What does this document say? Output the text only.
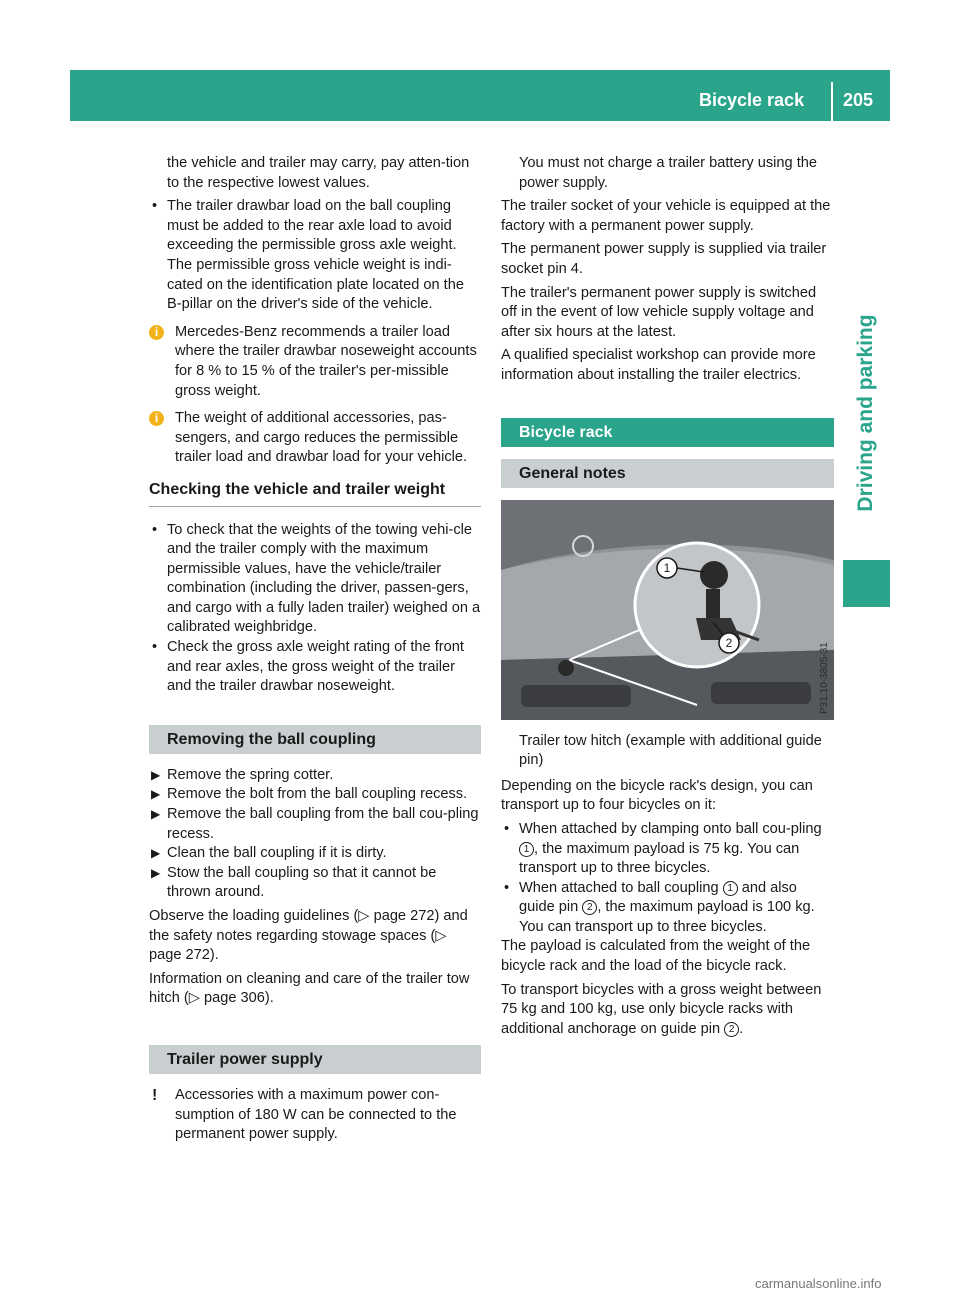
Bicycle rack 205
Driving and parking

the vehicle and trailer may carry, pay atten-tion to the respective lowest values.

• The trailer drawbar load on the ball coupling must be added to the rear axle load to avoid exceeding the permissible gross axle weight. The permissible gross vehicle weight is indi-cated on the identification plate located on the B-pillar on the driver's side of the vehicle.
i	Mercedes-Benz recommends a trailer load where the trailer drawbar noseweight accounts for 8 % to 15 % of the trailer's per-missible gross weight.
i	The weight of additional accessories, pas-sengers, and cargo reduces the permissible trailer load and drawbar load for your vehicle.
Checking the vehicle and trailer weight
• To check that the weights of the towing vehi-cle and the trailer comply with the maximum permissible values, have the vehicle/trailer combination (including the driver, passen-gers, and cargo with a fully laden trailer) weighed on a calibrated weighbridge.
• Check the gross axle weight rating of the front and rear axles, the gross weight of the trailer and the trailer drawbar noseweight.
Removing the ball coupling
▶ Remove the spring cotter.
▶ Remove the bolt from the ball coupling recess.
▶ Remove the ball coupling from the ball cou-pling recess.
▶ Clean the ball coupling if it is dirty.
▶ Stow the ball coupling so that it cannot be thrown around.

Observe the loading guidelines (▷ page 272) and the safety notes regarding stowage spaces (▷ page 272).

Information on cleaning and care of the trailer tow hitch (▷ page 306).

Trailer power supply
! Accessories with a maximum power con-sumption of 180 W can be connected to the permanent power supply.

You must not charge a trailer battery using the power supply.

The trailer socket of your vehicle is equipped at the factory with a permanent power supply.

The permanent power supply is supplied via trailer socket pin 4.

The trailer's permanent power supply is switched off in the event of low vehicle supply voltage and after six hours at the latest.

A qualified specialist workshop can provide more information about installing the trailer electrics.

Bicycle rack
General notes
1
2	P31.10-3805-31

Trailer tow hitch (example with additional guide pin)

Depending on the bicycle rack's design, you can transport up to four bicycles on it:

• When attached by clamping onto ball cou-pling 1 , the maximum payload is 75 kg. You can transport up to three bicycles.
• When attached to ball coupling 1 and also guide pin 2 , the maximum payload is 100 kg. You can transport up to three bicycles.

The payload is calculated from the weight of the bicycle rack and the load of the bicycle rack.

To transport bicycles with a gross weight between 75 kg and 100 kg, use only bicycle racks with additional anchorage on guide pin 2 .

carmanualsonline.info
